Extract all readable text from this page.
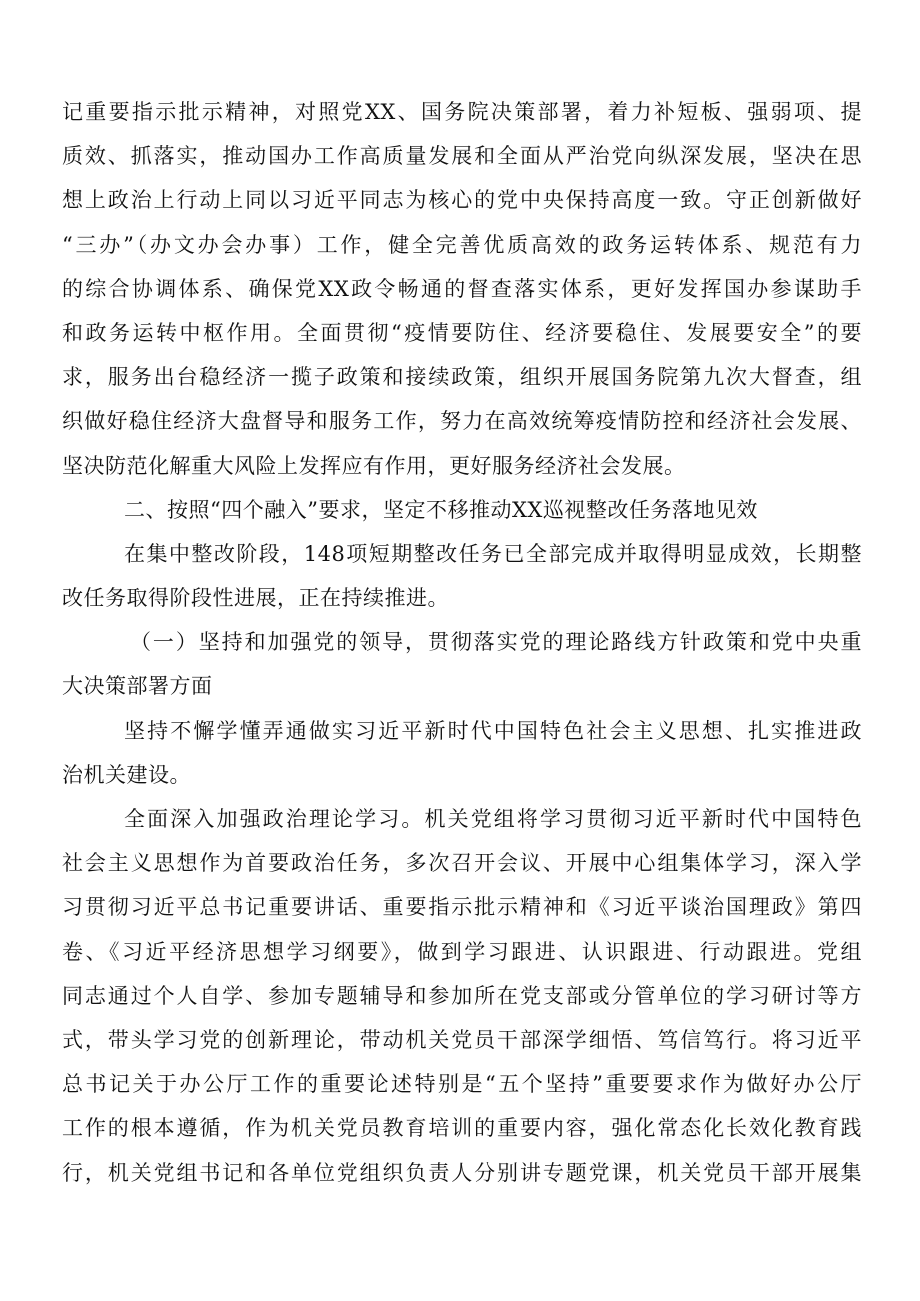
记重要指示批示精神，对照党XX、国务院决策部署，着力补短板、强弱项、提
质效、抓落实，推动国办工作高质量发展和全面从严治党向纵深发展，坚决在思
想上政治上行动上同以习近平同志为核心的党中央保持高度一致。守正创新做好
“三办”（办文办会办事）工作，健全完善优质高效的政务运转体系、规范有力
的综合协调体系、确保党XX政令畅通的督查落实体系，更好发挥国办参谋助手
和政务运转中枢作用。全面贯彻“疫情要防住、经济要稳住、发展要安全”的要
求，服务出台稳经济一揽子政策和接续政策，组织开展国务院第九次大督查，组
织做好稳住经济大盘督导和服务工作，努力在高效统筹疫情防控和经济社会发展、
坚决防范化解重大风险上发挥应有作用，更好服务经济社会发展。
二、按照“四个融入”要求，坚定不移推动XX巡视整改任务落地见效
在集中整改阶段，148项短期整改任务已全部完成并取得明显成效，长期整
改任务取得阶段性进展，正在持续推进。
（一）坚持和加强党的领导，贯彻落实党的理论路线方针政策和党中央重
大决策部署方面
坚持不懈学懂弄通做实习近平新时代中国特色社会主义思想、扎实推进政
治机关建设。
全面深入加强政治理论学习。机关党组将学习贯彻习近平新时代中国特色
社会主义思想作为首要政治任务，多次召开会议、开展中心组集体学习，深入学
习贯彻习近平总书记重要讲话、重要指示批示精神和《习近平谈治国理政》第四
卷、《习近平经济思想学习纲要》，做到学习跟进、认识跟进、行动跟进。党组
同志通过个人自学、参加专题辅导和参加所在党支部或分管单位的学习研讨等方
式，带头学习党的创新理论，带动机关党员干部深学细悟、笃信笃行。将习近平
总书记关于办公厅工作的重要论述特别是“五个坚持”重要要求作为做好办公厅
工作的根本遵循，作为机关党员教育培训的重要内容，强化常态化长效化教育践
行，机关党组书记和各单位党组织负责人分别讲专题党课，机关党员干部开展集
